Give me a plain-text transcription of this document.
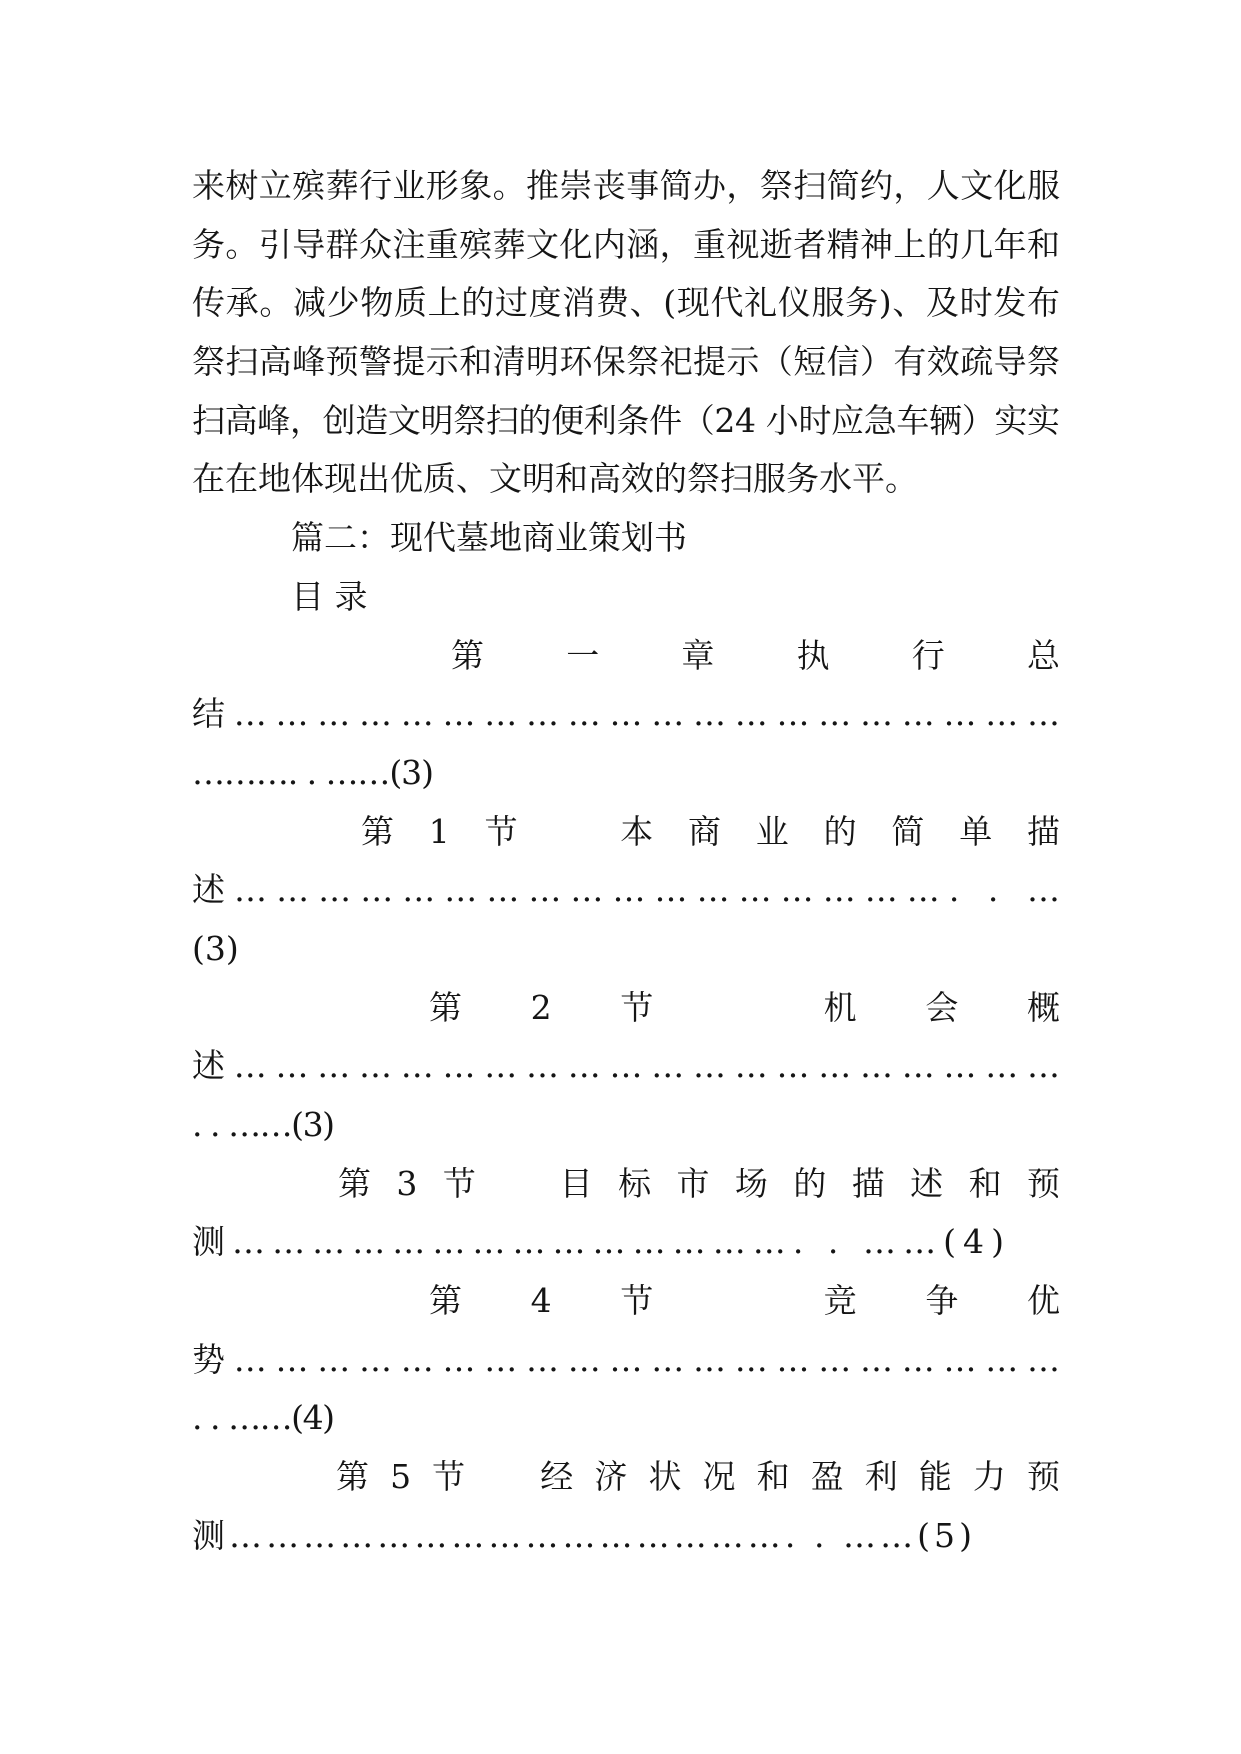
来树立殡葬行业形象。推崇丧事简办，祭扫简约，人文化服
务。引导群众注重殡葬文化内涵，重视逝者精神上的几年和
传承。减少物质上的过度消费、(现代礼仪服务)、及时发布
祭扫高峰预警提示和清明环保祭祀提示（短信）有效疏导祭
扫高峰，创造文明祭扫的便利条件（24 小时应急车辆）实实
在在地体现出优质、文明和高效的祭扫服务水平。
篇二：现代墓地商业策划书
目 录
第一章执行总
结……………………………………………………
………. . ……(3)
第1节　本商业的简单描
述……………………………………………. . …
(3)
第2节　机会概
述……………………………………………………
. . ……(3)
第3节　目标市场的描述和预
测……………………………………. . ……(4)
第4节　竞争优
势……………………………………………………
. . ……(4)
第5节　经济状况和盈利能力预
测………………………………………. . ……(5)
